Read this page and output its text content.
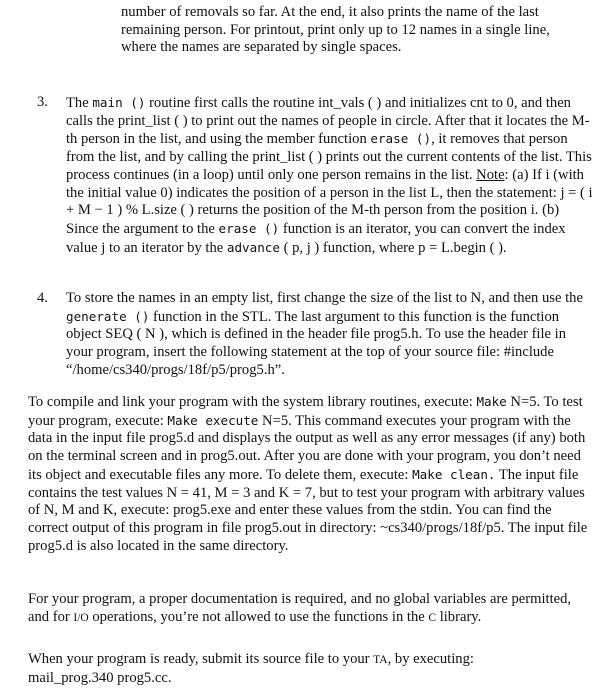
number of removals so far. At the end, it also prints the name of the last remaining person. For printout, print only up to 12 names in a single line, where the names are separated by single spaces.

3. The main () routine first calls the routine int_vals ( ) and initializes cnt to 0, and then calls the print_list ( ) to print out the names of people in circle. After that it locates the M-th person in the list, and using the member function erase (), it removes that person from the list, and by calling the print_list ( ) prints out the current contents of the list. This process continues (in a loop) until only one person remains in the list. Note: (a) If i (with the initial value 0) indicates the position of a person in the list L, then the statement: j = ( i + M − 1 ) % L.size ( ) returns the position of the M-th person from the position i. (b) Since the argument to the erase () function is an iterator, you can convert the index value j to an iterator by the advance ( p, j ) function, where p = L.begin ( ).

4. To store the names in an empty list, first change the size of the list to N, and then use the generate () function in the STL. The last argument to this function is the function object SEQ ( N ), which is defined in the header file prog5.h. To use the header file in your program, insert the following statement at the top of your source file: #include “/home/cs340/progs/18f/p5/prog5.h”.

To compile and link your program with the system library routines, execute: Make N=5. To test your program, execute: Make execute N=5. This command executes your program with the data in the input file prog5.d and displays the output as well as any error messages (if any) both on the terminal screen and in prog5.out. After you are done with your program, you don’t need its object and executable files any more. To delete them, execute: Make clean. The input file contains the test values N = 41, M = 3 and K = 7, but to test your program with arbitrary values of N, M and K, execute: prog5.exe and enter these values from the stdin. You can find the correct output of this program in file prog5.out in directory: ~cs340/progs/18f/p5. The input file prog5.d is also located in the same directory.

For your program, a proper documentation is required, and no global variables are permitted, and for I/O operations, you’re not allowed to use the functions in the C library.

When your program is ready, submit its source file to your TA, by executing:
mail_prog.340 prog5.cc.
